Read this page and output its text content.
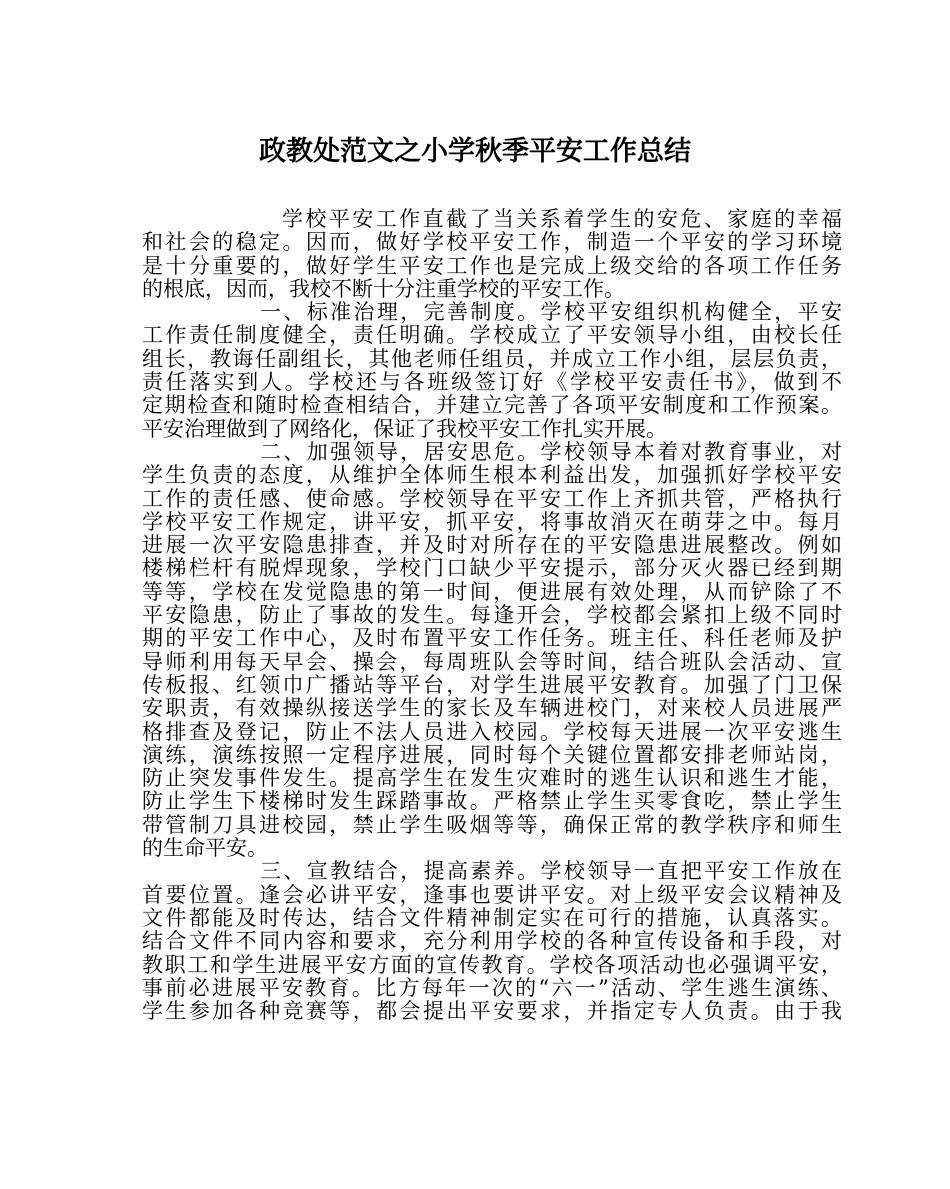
政教处范文之小学秋季平安工作总结
学校平安工作直截了当关系着学生的安危、家庭的幸福
和社会的稳定。因而，做好学校平安工作，制造一个平安的学习环境
是十分重要的，做好学生平安工作也是完成上级交给的各项工作任务
的根底，因而，我校不断十分注重学校的平安工作。
一、标准治理，完善制度。学校平安组织机构健全，平安
工作责任制度健全，责任明确。学校成立了平安领导小组，由校长任
组长，教诲任副组长，其他老师任组员，并成立工作小组，层层负责，
责任落实到人。学校还与各班级签订好《学校平安责任书》，做到不
定期检查和随时检查相结合，并建立完善了各项平安制度和工作预案。
平安治理做到了网络化，保证了我校平安工作扎实开展。
二、加强领导，居安思危。学校领导本着对教育事业，对
学生负责的态度，从维护全体师生根本利益出发，加强抓好学校平安
工作的责任感、使命感。学校领导在平安工作上齐抓共管，严格执行
学校平安工作规定，讲平安，抓平安，将事故消灭在萌芽之中。每月
进展一次平安隐患排查，并及时对所存在的平安隐患进展整改。例如
楼梯栏杆有脱焊现象，学校门口缺少平安提示，部分灭火器已经到期
等等，学校在发觉隐患的第一时间，便进展有效处理，从而铲除了不
平安隐患，防止了事故的发生。每逢开会，学校都会紧扣上级不同时
期的平安工作中心，及时布置平安工作任务。班主任、科任老师及护
导师利用每天早会、操会，每周班队会等时间，结合班队会活动、宣
传板报、红领巾广播站等平台，对学生进展平安教育。加强了门卫保
安职责，有效操纵接送学生的家长及车辆进校门，对来校人员进展严
格排查及登记，防止不法人员进入校园。学校每天进展一次平安逃生
演练，演练按照一定程序进展，同时每个关键位置都安排老师站岗，
防止突发事件发生。提高学生在发生灾难时的逃生认识和逃生才能，
防止学生下楼梯时发生踩踏事故。严格禁止学生买零食吃，禁止学生
带管制刀具进校园，禁止学生吸烟等等，确保正常的教学秩序和师生
的生命平安。
三、宣教结合，提高素养。学校领导一直把平安工作放在
首要位置。逢会必讲平安，逢事也要讲平安。对上级平安会议精神及
文件都能及时传达，结合文件精神制定实在可行的措施，认真落实。
结合文件不同内容和要求，充分利用学校的各种宣传设备和手段，对
教职工和学生进展平安方面的宣传教育。学校各项活动也必强调平安，
事前必进展平安教育。比方每年一次的“六一”活动、学生逃生演练、
学生参加各种竞赛等，都会提出平安要求，并指定专人负责。由于我
